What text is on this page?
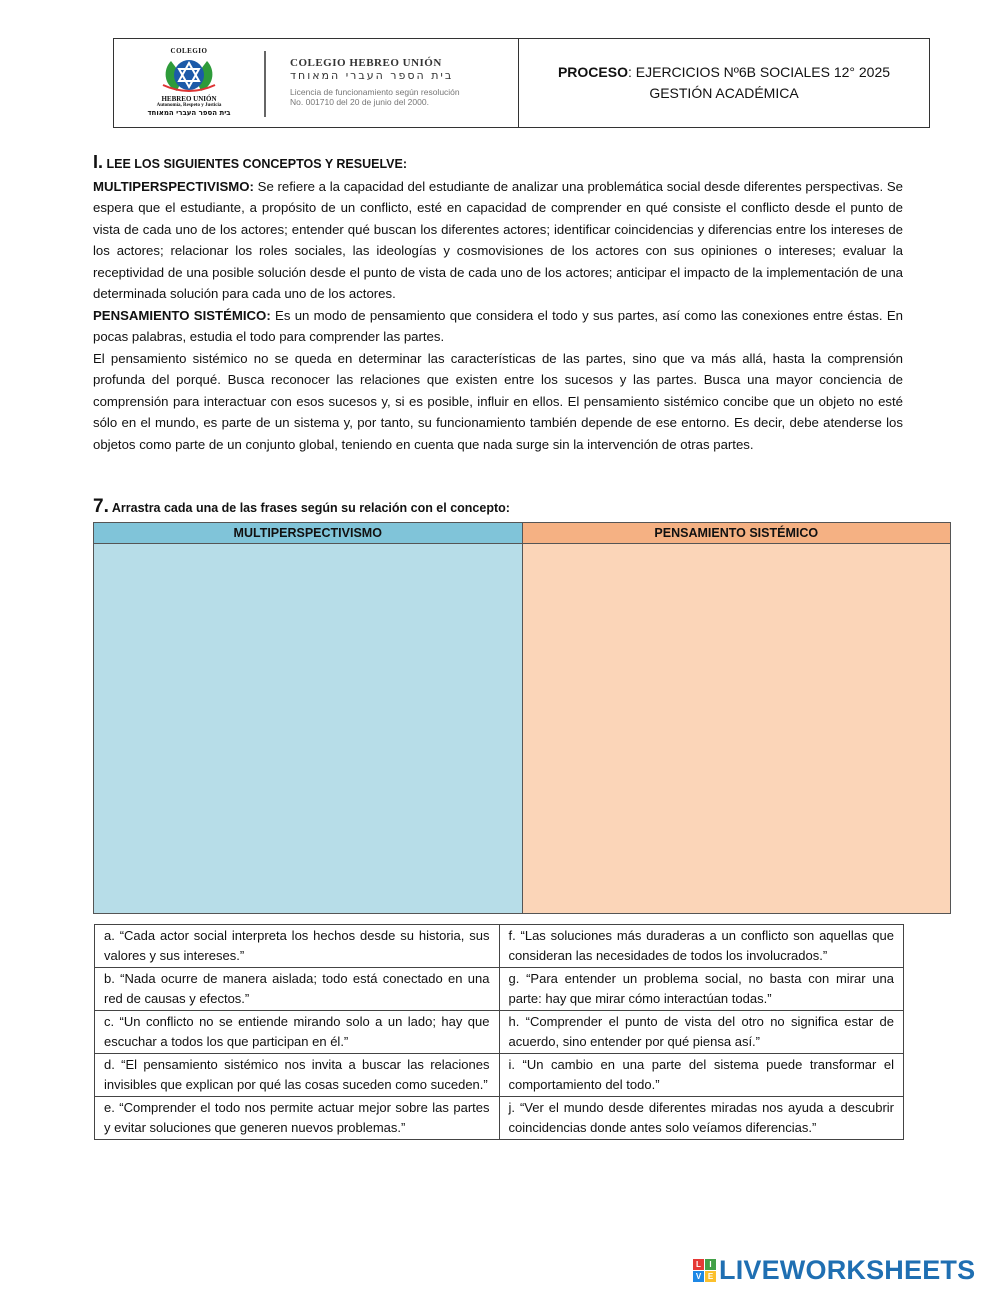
COLEGIO
HEBREO UNIÓN
Autonomía, Respeto y Justicia
בית הספר העברי המאוחד
COLEGIO HEBREO UNIÓN
בית הספר העברי המאוחד
Licencia de funcionamiento según resolución
No. 001710 del 20 de junio del 2000.
PROCESO: EJERCICIOS Nº6B SOCIALES 12° 2025
GESTIÓN ACADÉMICA
I. LEE LOS SIGUIENTES CONCEPTOS Y RESUELVE:

MULTIPERSPECTIVISMO: Se refiere a la capacidad del estudiante de analizar una problemática social desde diferentes perspectivas. Se espera que el estudiante, a propósito de un conflicto, esté en capacidad de comprender en qué consiste el conflicto desde el punto de vista de cada uno de los actores; entender qué buscan los diferentes actores; identificar coincidencias y diferencias entre los intereses de los actores; relacionar los roles sociales, las ideologías y cosmovisiones de los actores con sus opiniones o intereses; evaluar la receptividad de una posible solución desde el punto de vista de cada uno de los actores; anticipar el impacto de la implementación de una determinada solución para cada uno de los actores.

PENSAMIENTO SISTÉMICO: Es un modo de pensamiento que considera el todo y sus partes, así como las conexiones entre éstas. En pocas palabras, estudia el todo para comprender las partes.

El pensamiento sistémico no se queda en determinar las características de las partes, sino que va más allá, hasta la comprensión profunda del porqué. Busca reconocer las relaciones que existen entre los sucesos y las partes. Busca una mayor conciencia de comprensión para interactuar con esos sucesos y, si es posible, influir en ellos. El pensamiento sistémico concibe que un objeto no esté sólo en el mundo, es parte de un sistema y, por tanto, su funcionamiento también depende de ese entorno. Es decir, debe atenderse los objetos como parte de un conjunto global, teniendo en cuenta que nada surge sin la intervención de otras partes.

7. Arrastra cada una de las frases según su relación con el concepto:
MULTIPERSPECTIVISMO	PENSAMIENTO SISTÉMICO
a. “Cada actor social interpreta los hechos desde su historia, sus valores y sus intereses.”	f. “Las soluciones más duraderas a un conflicto son aquellas que consideran las necesidades de todos los involucrados.”
b. “Nada ocurre de manera aislada; todo está conectado en una red de causas y efectos.”	g. “Para entender un problema social, no basta con mirar una parte: hay que mirar cómo interactúan todas.”
c. “Un conflicto no se entiende mirando solo a un lado; hay que escuchar a todos los que participan en él.”	h. “Comprender el punto de vista del otro no significa estar de acuerdo, sino entender por qué piensa así.”
d. “El pensamiento sistémico nos invita a buscar las relaciones invisibles que explican por qué las cosas suceden como suceden.”	i. “Un cambio en una parte del sistema puede transformar el comportamiento del todo.”
e. “Comprender el todo nos permite actuar mejor sobre las partes y evitar soluciones que generen nuevos problemas.”	j. “Ver el mundo desde diferentes miradas nos ayuda a descubrir coincidencias donde antes solo veíamos diferencias.”
L	I
V E LIVEWORKSHEETS
